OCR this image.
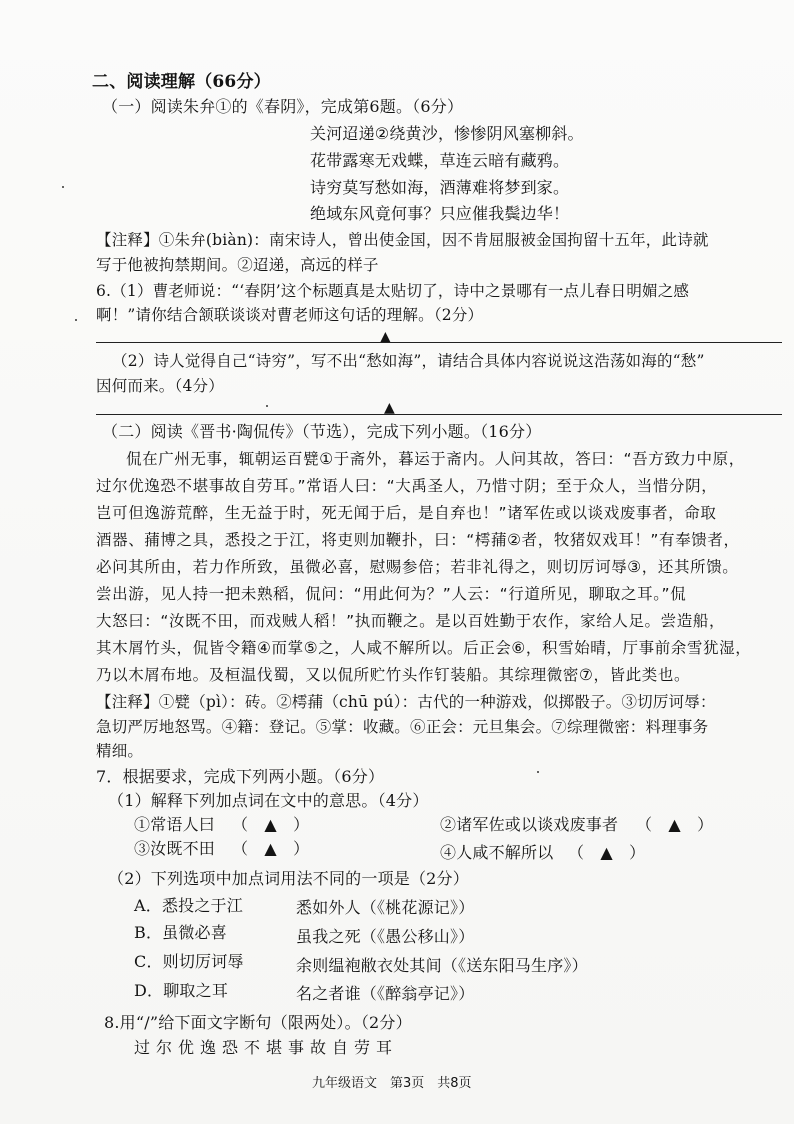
二、阅读理解（66分）
（一）阅读朱弁①的《春阴》，完成第6题。（6分）
关河迢递②绕黄沙，惨惨阴风塞柳斜。
花带露寒无戏蝶，草连云暗有藏鸦。
诗穷莫写愁如海，酒薄难将梦到家。
绝域东风竟何事？只应催我鬓边华！
【注释】①朱弁(biàn)：南宋诗人，曾出使金国，因不肯屈服被金国拘留十五年，此诗就
写于他被拘禁期间。②迢递，高远的样子
6.（1）曹老师说：“‘春阴’这个标题真是太贴切了，诗中之景哪有一点儿春日明媚之感
啊！”请你结合颔联谈谈对曹老师这句话的理解。（2分）
▲
（2）诗人觉得自己“诗穷”，写不出“愁如海”，请结合具体内容说说这浩荡如海的“愁”
因何而来。（4分）
▲
（二）阅读《晋书·陶侃传》（节选），完成下列小题。（16分）
侃在广州无事，辄朝运百甓①于斋外，暮运于斋内。人问其故，答曰：“吾方致力中原，
过尔优逸恐不堪事故自劳耳。”常语人曰：“大禹圣人，乃惜寸阴；至于众人，当惜分阴，
岂可但逸游荒醉，生无益于时，死无闻于后，是自弃也！”诸军佐或以谈戏废事者，命取
酒器、蒱博之具，悉投之于江，将吏则加鞭扑，曰：“樗蒱②者，牧猪奴戏耳！”有奉馈者，
必问其所由，若力作所致，虽微必喜，慰赐参倍；若非礼得之，则切厉诃辱③，还其所馈。
尝出游，见人持一把未熟稻，侃问：“用此何为？”人云：“行道所见，聊取之耳。”侃
大怒曰：“汝既不田，而戏贼人稻！”执而鞭之。是以百姓勤于农作，家给人足。尝造船，
其木屑竹头，侃皆令籍④而掌⑤之，人咸不解所以。后正会⑥，积雪始晴，厅事前余雪犹湿，
乃以木屑布地。及桓温伐蜀，又以侃所贮竹头作钉装船。其综理微密⑦，皆此类也。
【注释】①甓（pì）：砖。②樗蒱（chū pú）：古代的一种游戏，似掷骰子。③切厉诃辱：
急切严厉地怒骂。④籍：登记。⑤掌：收藏。⑥正会：元旦集会。⑦综理微密：料理事务
精细。
7．根据要求，完成下列两小题。（6分）
（1）解释下列加点词在文中的意思。（4分）
①常语人曰 （　▲　）	②诸军佐或以谈戏废事者 （　▲　）
③汝既不田 （　▲　）	④人咸不解所以 （　▲　）
（2）下列选项中加点词用法不同的一项是（2分）
A．悉投之于江	悉如外人（《桃花源记》）
B．虽微必喜	虽我之死（《愚公移山》）
C．则切厉诃辱	余则缊袍敝衣处其间（《送东阳马生序》）
D．聊取之耳	名之者谁（《醉翁亭记》）
8.用“/”给下面文字断句（限两处）。（2分）
过尔优逸恐不堪事故自劳耳
九年级语文　第3页　共8页
